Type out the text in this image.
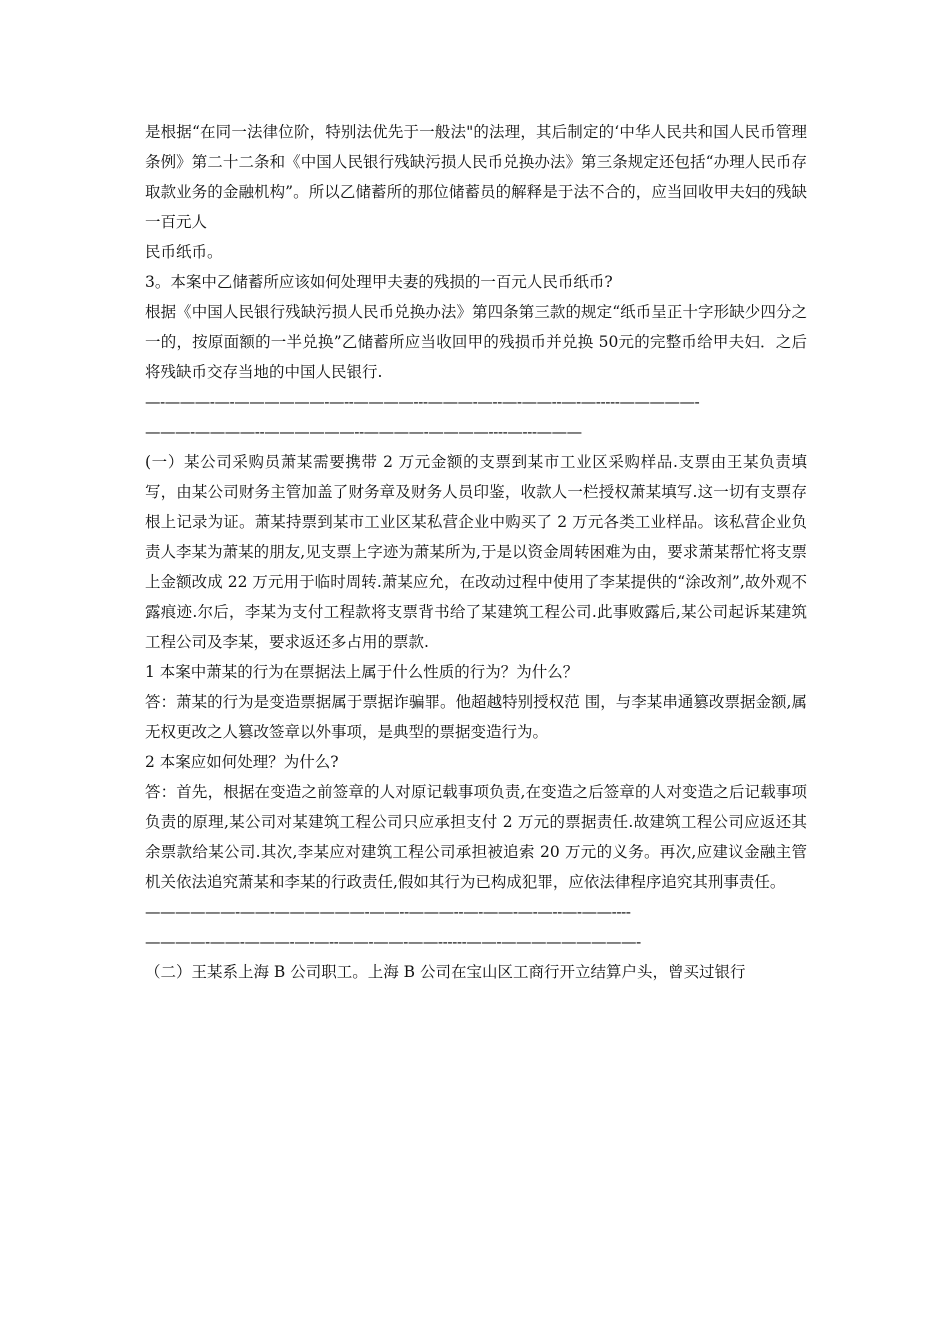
是根据“在同一法律位阶，特别法优先于一般法"的法理，其后制定的‘中华人民共和国人民币管理条例》第二十二条和《中国人民银行残缺污损人民币兑换办法》第三条规定还包括“办理人民币存取款业务的金融机构”。所以乙储蓄所的那位储蓄员的解释是于法不合的，应当回收甲夫妇的残缺一百元人

民币纸币。

3。本案中乙储蓄所应该如何处理甲夫妻的残损的一百元人民币纸币?

根据《中国人民银行残缺污损人民币兑换办法》第四条第三款的规定“纸币呈正十字形缺少四分之一的，按原面额的一半兑换”乙储蓄所应当收回甲的残损币并兑换 50元的完整币给甲夫妇．之后将残缺币交存当地的中国人民银行.

—-———-—-——————-—--————---———-—--—-——--—-—-----—————-

———-————--——————--————-————----—---———

(一）某公司采购员萧某需要携带 2 万元金额的支票到某市工业区采购样品.支票由王某负责填写，由某公司财务主管加盖了财务章及财务人员印鉴，收款人一栏授权萧某填写.这一切有支票存根上记录为证。萧某持票到某市工业区某私营企业中购买了 2 万元各类工业样品。该私营企业负责人李某为萧某的朋友,见支票上字迹为萧某所为,于是以资金周转困难为由，要求萧某帮忙将支票上金额改成 22 万元用于临时周转.萧某应允，在改动过程中使用了李某提供的“涂改剂”,故外观不露痕迹.尔后，李某为支付工程款将支票背书给了某建筑工程公司.此事败露后,某公司起诉某建筑工程公司及李某，要求返还多占用的票款.

1 本案中萧某的行为在票据法上属于什么性质的行为？为什么？

答：萧某的行为是变造票据属于票据诈骗罪。他超越特别授权范 围，与李某串通篡改票据金额,属无权更改之人篡改签章以外事项，是典型的票据变造行为。

2 本案应如何处理？为什么?

答：首先，根据在变造之前签章的人对原记载事项负责,在变造之后签章的人对变造之后记载事项负责的原理,某公司对某建筑工程公司只应承担支付 2 万元的票据责任.故建筑工程公司应返还其余票款给某公司.其次,李某应对建筑工程公司承担被追索 20 万元的义务。再次,应建议金融主管机关依法追究萧某和李某的行政责任,假如其行为已构成犯罪，应依法律程序追究其刑事责任。

——————-——-——————-——--———--—-——-—-—--—-——----

————-——-———-—-—--——-——-——------——-—————————-

（二）王某系上海 B 公司职工。上海 B 公司在宝山区工商行开立结算户头，曾买过银行
